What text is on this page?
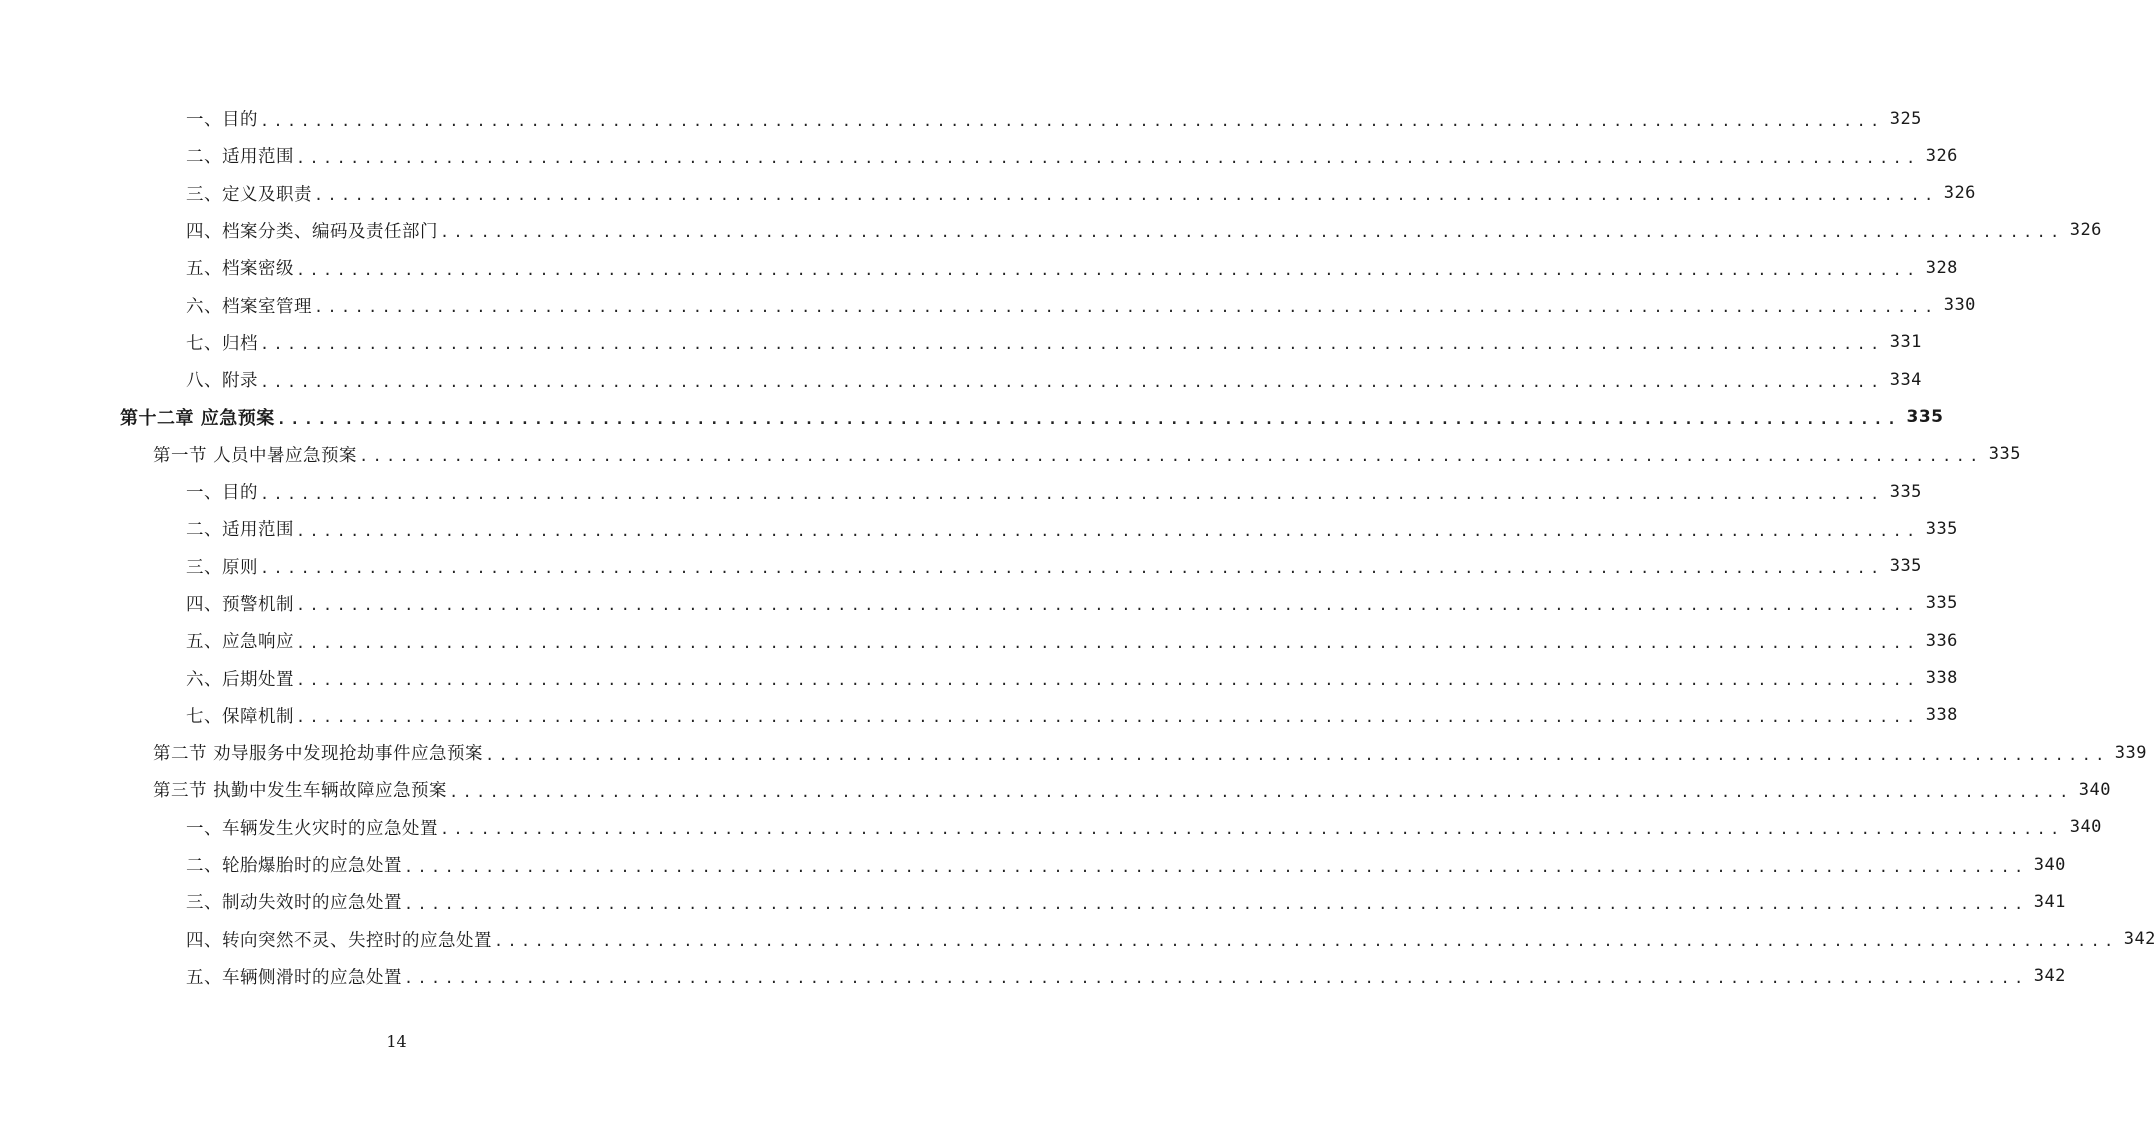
一、目的 ........................................................................................................................ 325
二、适用范围 ........................................................................................................................ 326
三、定义及职责 ........................................................................................................................ 326
四、档案分类、编码及责任部门 ........................................................................................................................ 326
五、档案密级 ........................................................................................................................ 328
六、档案室管理 ........................................................................................................................ 330
七、归档 ........................................................................................................................ 331
八、附录 ........................................................................................................................ 334
第十二章 应急预案 ........................................................................................................................ 335
第一节 人员中暑应急预案 ........................................................................................................................ 335
一、目的 ........................................................................................................................ 335
二、适用范围 ........................................................................................................................ 335
三、原则 ........................................................................................................................ 335
四、预警机制 ........................................................................................................................ 335
五、应急响应 ........................................................................................................................ 336
六、后期处置 ........................................................................................................................ 338
七、保障机制 ........................................................................................................................ 338
第二节 劝导服务中发现抢劫事件应急预案 ........................................................................................................................ 339
第三节 执勤中发生车辆故障应急预案 ........................................................................................................................ 340
一、车辆发生火灾时的应急处置 ........................................................................................................................ 340
二、轮胎爆胎时的应急处置 ........................................................................................................................ 340
三、制动失效时的应急处置 ........................................................................................................................ 341
四、转向突然不灵、失控时的应急处置 ........................................................................................................................ 342
五、车辆侧滑时的应急处置 ........................................................................................................................ 342
14
